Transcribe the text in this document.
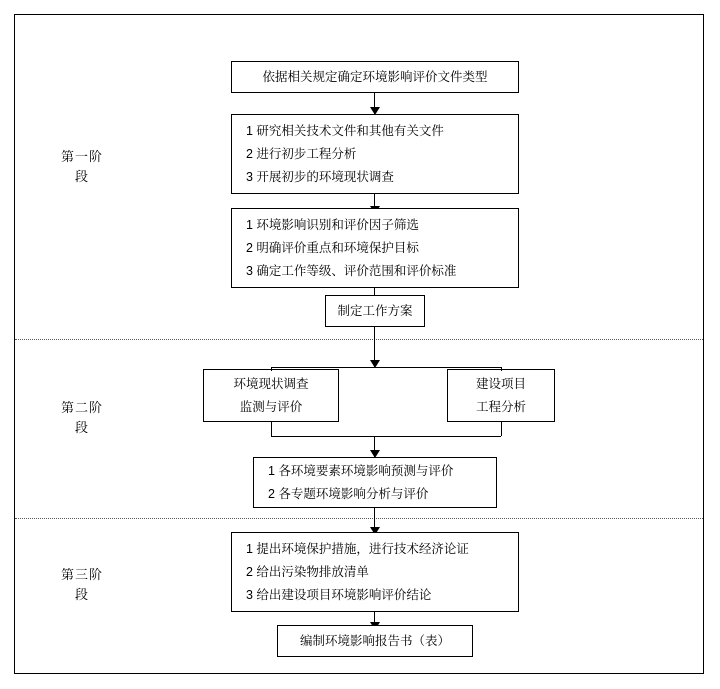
第一阶
段
第二阶
段
第三阶
段
依据相关规定确定环境影响评价文件类型
1 研究相关技术文件和其他有关文件
2 进行初步工程分析
3 开展初步的环境现状调查
1 环境影响识别和评价因子筛选
2 明确评价重点和环境保护目标
3 确定工作等级、评价范围和评价标准
制定工作方案
环境现状调查
监测与评价
建设项目
工程分析
1 各环境要素环境影响预测与评价
2 各专题环境影响分析与评价
1 提出环境保护措施，进行技术经济论证
2 给出污染物排放清单
3 给出建设项目环境影响评价结论
编制环境影响报告书（表）
